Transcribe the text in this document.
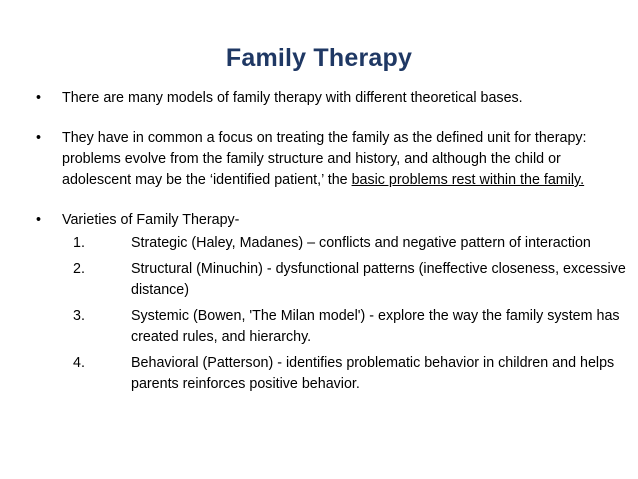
Family Therapy
• There are many models of family therapy with different theoretical bases.
• They have in common a focus on treating the family as the defined unit for therapy: problems evolve from the family structure and history, and although the child or adolescent may be the ‘identified patient,’ the basic problems rest within the family.
• Varieties of Family Therapy-
1.	Strategic (Haley, Madanes) – conflicts and negative pattern of interaction
2.	Structural (Minuchin) - dysfunctional patterns (ineffective closeness, excessive distance)
3.	Systemic (Bowen, 'The Milan model') - explore the way the family system has created rules, and hierarchy.
4.	Behavioral (Patterson) - identifies problematic behavior in children and helps parents reinforces positive behavior.
